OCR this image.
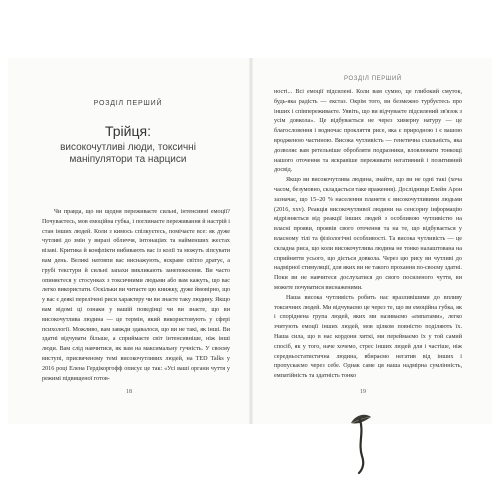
РОЗДІЛ ПЕРШИЙ
Трійця:
високочутливі люди, токсичні маніпулятори та нарциси

Чи правда, що ви щодня переживаєте сильні, інтенсивні емоції? Почуваєтесь, мов емоційна губка, і поглинаєте переживання й настрій і стан інших людей. Коли з кимось спілкуєтесь, помічаєте все: як дуже чутливі до змін у виразі обличчя, інтонаціях та найменших жестах візаві. Критика й конфлікти вибивають вас із колії та можуть зіпсувати вам день. Великі натовпи вас виснажують, яскраве світло дратує, а грубі текстури й сильні запахи викликають занепокоєння. Ви часто опиняєтеся у стосунках з токсичними людьми або вам кажуть, що вас легко використати. Оскільки ви читаєте цю книжку, дуже ймовірно, що у вас є деякі перелічені риси характеру чи ви знаєте таку людину. Якщо вам відомі ці ознаки у вашій поведінці чи ви знаєте, що ви високочутлива людина — це термін, який використовують у сфері психології. Можливо, вам завжди здавалося, що ви не такі, як інші. Ви здатні відчувати більше, а сприймаєте світ інтенсивніше, ніж інші люди. Вам слід навчитися, як вам на максимальну гучність. У своєму виступі, присвяченому темі високочутливих людей, на TED Talks у 2016 році Елена Гердікоргофф описує це так: «Усі ваші органи чуття у режимі підвищеної готов-

18
РОЗДІЛ ПЕРШИЙ

ності... Всі емоції підсилені. Коли вам сумно, це глибокий смуток, будь-яка радість — екстаз. Окрім того, ви безмежно турбуєтесь про інших і співпереживаєте. Уявіть, що ви відчуваєте підсилений зв'язок з усім довкола». Це відбувається не через химерну натуру — це благословення і водночас прокляття рисе, яка є природною і є вашою вродженою частиною. Висока чутливість — генетична схильність, яка дозволяє вам ретельніше обробляти подразники, вловлювати тонкощі нашого оточення та яскравіше переживати негативний і позитивний досвід.

Якщо ви високочутлива людина, знайте, що ви не одні такі (хоча часом, безумовно, складається таке враження). Дослідниця Елейн Арон зазначає, що 15–20 % населення планети є високочутливими людьми (2016, xxv). Реакція високочутливої людини на сенсорну інформацію відрізняється від реакції інших людей з особливою чутливістю на власні прояви, проявів свого оточення та на те, що відбувається у власному тілі та фізіологічні особливості. Та висока чутливість — це складна риса, що коли високочутлива людина не тонко налаштована на сприйняття усього, що діється довкола. Через цю рису ви чутливі до надмірної стимуляції, для яких ви не такого прохання по-своєму здатні. Поки ви не навчитеся дослухатися до свого посиленого чуття, ви можете почуватися виснаженими.

Наша висока чутливість робить нас вразливішими до впливу токсичних людей. Ми відчуваємо це через те, що ви емоційна губка, як і споріднена група людей, яких ми називаємо «емпатами», легко зчитують емоції інших людей, мов цілком повністю поділяють їх. Наша сила, що в нас кордони хиткі, ми переймаємо їх у той самий спосіб, як у того, наче хочемо, стрес інших людей для і частіше, ніж середньостатистична людина, вбираємо негатив від інших і пропускаємо через себе. Однак саме ця наша надмірна сумлінність, емпатійність та здатність тонко

19
